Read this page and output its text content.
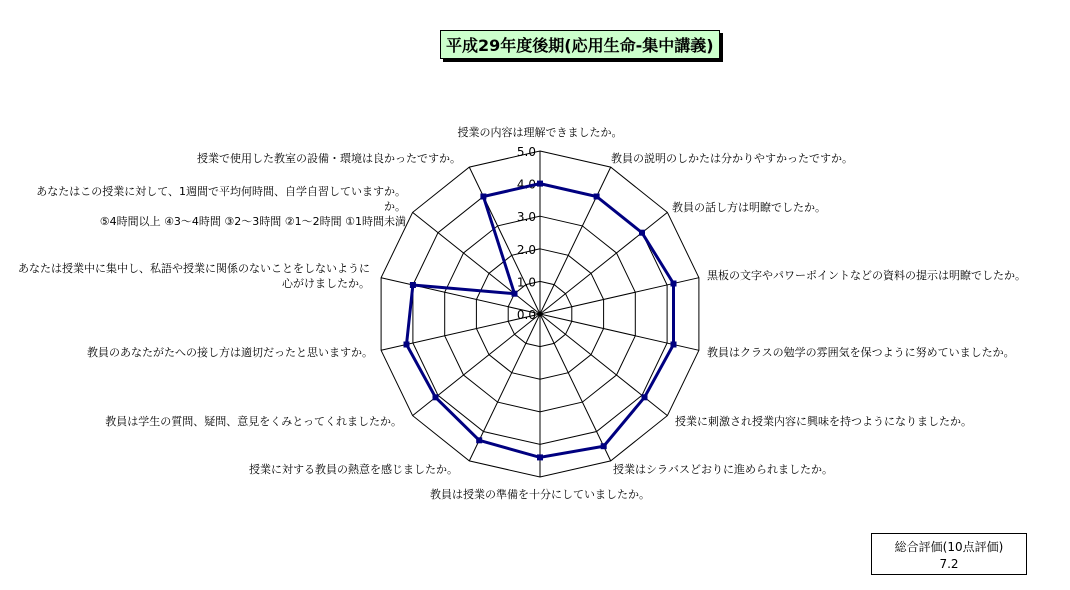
平成29年度後期(応用生命-集中講義)
0.0
1.0
2.0
3.0
4.0
5.0
授業の内容は理解できましたか。
教員の説明のしかたは分かりやすかったですか。
教員の話し方は明瞭でしたか。
黒板の文字やパワーポイントなどの資料の提示は明瞭でしたか。
教員はクラスの勉学の雰囲気を保つように努めていましたか。
授業に刺激され授業内容に興味を持つようになりましたか。
授業はシラバスどおりに進められましたか。
教員は授業の準備を十分にしていましたか。
授業に対する教員の熱意を感じましたか。
教員は学生の質問、疑問、意見をくみとってくれましたか。
教員のあなたがたへの接し方は適切だったと思いますか。
あなたは授業中に集中し、私語や授業に関係のないことをしないように心がけましたか。
あなたはこの授業に対して、1週間で平均何時間、自学自習していますか。か。 ⑤4時間以上 ④3～4時間 ③2～3時間 ②1～2時間 ①1時間未満
授業で使用した教室の設備・環境は良かったですか。
総合評価(10点評価)
7.2
